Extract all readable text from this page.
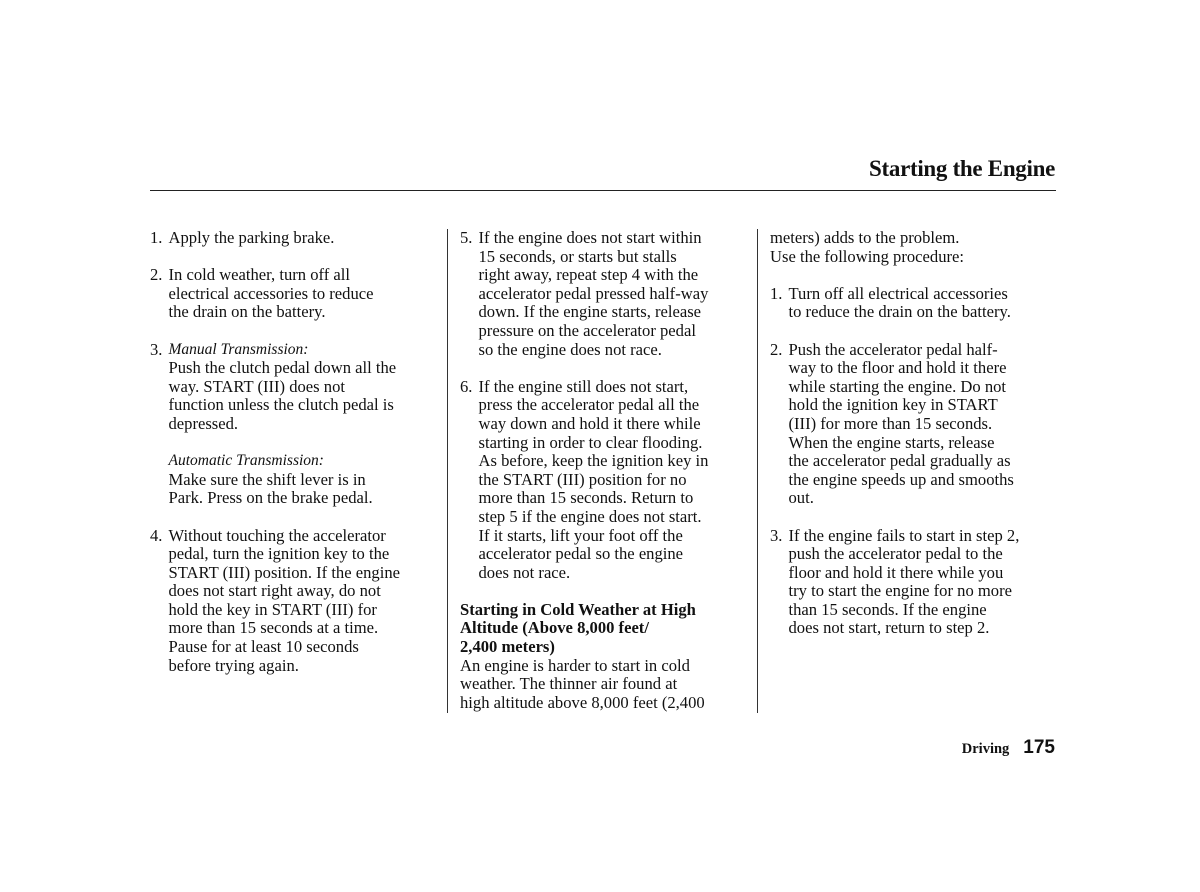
Starting the Engine
1. Apply the parking brake.
2. In cold weather, turn off all
electrical accessories to reduce
the drain on the battery.
3. Manual Transmission:
Push the clutch pedal down all the
way. START (III) does not
function unless the clutch pedal is
depressed.
Automatic Transmission:
Make sure the shift lever is in
Park. Press on the brake pedal.
4. Without touching the accelerator
pedal, turn the ignition key to the
START (III) position. If the engine
does not start right away, do not
hold the key in START (III) for
more than 15 seconds at a time.
Pause for at least 10 seconds
before trying again.
5. If the engine does not start within
15 seconds, or starts but stalls
right away, repeat step 4 with the
accelerator pedal pressed half-way
down. If the engine starts, release
pressure on the accelerator pedal
so the engine does not race.
6. If the engine still does not start,
press the accelerator pedal all the
way down and hold it there while
starting in order to clear flooding.
As before, keep the ignition key in
the START (III) position for no
more than 15 seconds. Return to
step 5 if the engine does not start.
If it starts, lift your foot off the
accelerator pedal so the engine
does not race.
Starting in Cold Weather at High
Altitude (Above 8,000 feet/
2,400 meters)
An engine is harder to start in cold
weather. The thinner air found at
high altitude above 8,000 feet (2,400
meters) adds to the problem.
Use the following procedure:
1. Turn off all electrical accessories
to reduce the drain on the battery.
2. Push the accelerator pedal half-
way to the floor and hold it there
while starting the engine. Do not
hold the ignition key in START
(III) for more than 15 seconds.
When the engine starts, release
the accelerator pedal gradually as
the engine speeds up and smooths
out.
3. If the engine fails to start in step 2,
push the accelerator pedal to the
floor and hold it there while you
try to start the engine for no more
than 15 seconds. If the engine
does not start, return to step 2.
Driving 175
